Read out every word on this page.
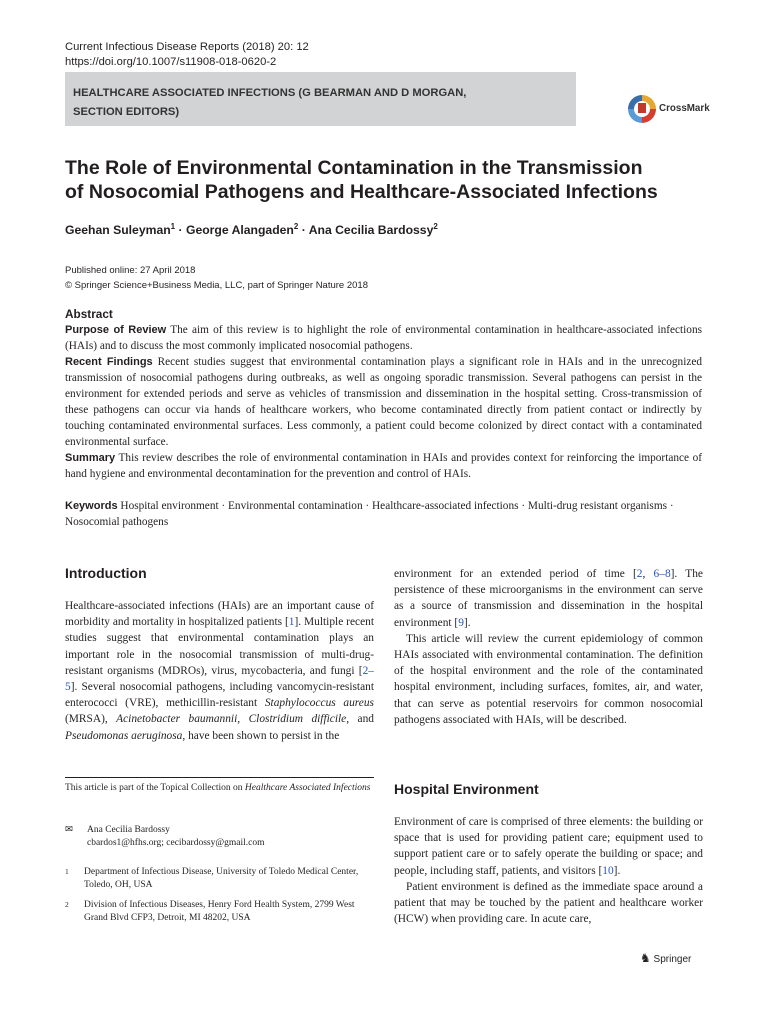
Current Infectious Disease Reports (2018) 20: 12
https://doi.org/10.1007/s11908-018-0620-2
HEALTHCARE ASSOCIATED INFECTIONS (G BEARMAN AND D MORGAN, SECTION EDITORS)	CrossMark
The Role of Environmental Contamination in the Transmission
of Nosocomial Pathogens and Healthcare-Associated Infections
Geehan Suleyman$^1$ · George Alangaden$^2$ · Ana Cecilia Bardossy$^2$
Published online: 27 April 2018
© Springer Science+Business Media, LLC, part of Springer Nature 2018
Abstract
Purpose of Review The aim of this review is to highlight the role of environmental contamination in healthcare-associated infections (HAIs) and to discuss the most commonly implicated nosocomial pathogens.
Recent Findings Recent studies suggest that environmental contamination plays a significant role in HAIs and in the unrecognized transmission of nosocomial pathogens during outbreaks, as well as ongoing sporadic transmission. Several pathogens can persist in the environment for extended periods and serve as vehicles of transmission and dissemination in the hospital setting. Cross-transmission of these pathogens can occur via hands of healthcare workers, who become contaminated directly from patient contact or indirectly by touching contaminated environmental surfaces. Less commonly, a patient could become colonized by direct contact with a contaminated environmental surface.
Summary This review describes the role of environmental contamination in HAIs and provides context for reinforcing the importance of hand hygiene and environmental decontamination for the prevention and control of HAIs.
Keywords Hospital environment · Environmental contamination · Healthcare-associated infections · Multi-drug resistant organisms · Nosocomial pathogens
Introduction

Healthcare-associated infections (HAIs) are an important cause of morbidity and mortality in hospitalized patients [1]. Multiple recent studies suggest that environmental contamination plays an important role in the nosocomial transmission of multi-drug-resistant organisms (MDROs), virus, mycobacteria, and fungi [2–5]. Several nosocomial pathogens, including vancomycin-resistant enterococci (VRE), methicillin-resistant Staphylococcus aureus (MRSA), Acinetobacter baumannii, Clostridium difficile, and Pseudomonas aeruginosa, have been shown to persist in the

This article is part of the Topical Collection on Healthcare Associated Infections
✉ Ana Cecilia Bardossy
cbardos1@hfhs.org; cecibardossy@gmail.com
1 Department of Infectious Disease, University of Toledo Medical Center, Toledo, OH, USA
2 Division of Infectious Diseases, Henry Ford Health System, 2799 West Grand Blvd CFP3, Detroit, MI 48202, USA

environment for an extended period of time [2, 6–8]. The persistence of these microorganisms in the environment can serve as a source of transmission and dissemination in the hospital environment [9].

This article will review the current epidemiology of common HAIs associated with environmental contamination. The definition of the hospital environment and the role of the contaminated hospital environment, including surfaces, fomites, air, and water, that can serve as potential reservoirs for common nosocomial pathogens associated with HAIs, will be described.

Hospital Environment

Environment of care is comprised of three elements: the building or space that is used for providing patient care; equipment used to support patient care or to safely operate the building or space; and people, including staff, patients, and visitors [10].

Patient environment is defined as the immediate space around a patient that may be touched by the patient and healthcare worker (HCW) when providing care. In acute care,

♞ Springer
